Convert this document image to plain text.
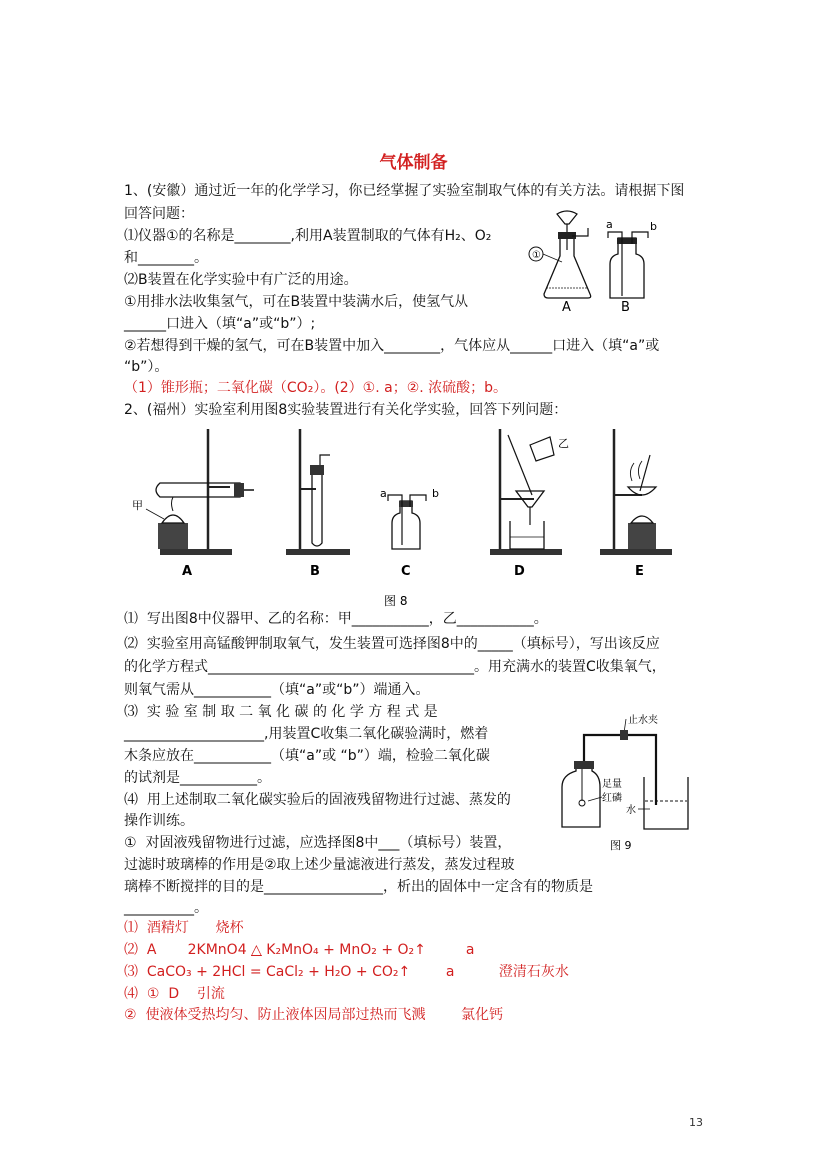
气体制备
1、(安徽）通过近一年的化学学习，你已经掌握了实验室制取气体的有关方法。请根据下图
回答问题：
⑴仪器①的名称是________,利用A装置制取的气体有H₂、O₂
和________。
⑵B装置在化学实验中有广泛的用途。
①用排水法收集氢气，可在B装置中装满水后，使氢气从
______口进入（填“a”或“b”）;
②若想得到干燥的氢气，可在B装置中加入________，气体应从______口进入（填“a”或
“b”）。
（1）锥形瓶；二氧化碳（CO₂）。(2）①. a；②. 浓硫酸；b。
①
A
a	b
B
2、(福州）实验室利用图8实验装置进行有关化学实验，回答下列问题：
甲
A	B
a	b
C
乙
D	E
图 8
⑴  写出图8中仪器甲、乙的名称：甲___________，乙___________。
⑵  实验室用高锰酸钾制取氧气，发生装置可选择图8中的_____（填标号），写出该反应
的化学方程式______________________________________。用充满水的装置C收集氧气，
则氧气需从___________（填“a”或“b”）端通入。
⑶  实 验 室 制 取 二 氧 化 碳 的 化 学 方 程 式 是
____________________,用装置C收集二氧化碳验满时，燃着
木条应放在___________（填“a”或 “b”）端，检验二氧化碳
的试剂是___________。
⑷  用上述制取二氧化碳实验后的固液残留物进行过滤、蒸发的
操作训练。
①  对固液残留物进行过滤，应选择图8中___（填标号）装置，
过滤时玻璃棒的作用是②取上述少量滤液进行蒸发，蒸发过程玻
璃棒不断搅拌的目的是_________________，析出的固体中一定含有的物质是
__________。
止水夹
足量
红磷
水
图 9
⑴  酒精灯      烧杯
⑵  A       2KMnO4 △ K₂MnO₄ + MnO₂ + O₂↑         a
⑶  CaCO₃ + 2HCl = CaCl₂ + H₂O + CO₂↑        a          澄清石灰水
⑷  ①  D    引流
②  使液体受热均匀、防止液体因局部过热而飞溅        氯化钙
13
